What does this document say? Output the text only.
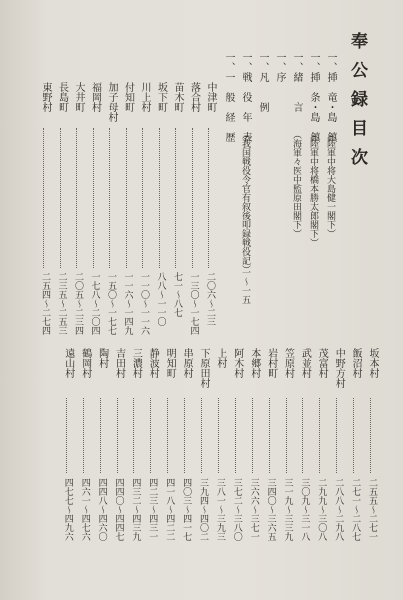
奉公録目次
一、挿　竜・島　鎮
（陸軍中将大島健一閣下）
一、挿　条・島　鎮
（陸軍中将橋本勝太郎閣下）
一、緒　　言
（海軍々医中監原田閣下）
一、序
一、凡　　例
一、戦　役　年　表
（我国戦役令官有叙後叩録戦役記）
一〜一五
一、一　般　経　歴
中津町
二〇六〜二三
落合村
一三〇〜一七四
苗木町
七一〜八七
坂下町
八八〜一一〇
川上村
一一〇〜一一六
付知町
一一六〜一四九
加子母村
一五〇〜一七七
福岡村
一七八〜二〇四
大井町
二〇五〜二三四
長島町
二三五〜二五三
東野村
二五四〜二七四
坂本村
二五五〜二七一
飯沼村
二七一〜二八七
中野方村
二八八〜二九八
茂富村
二九九〜三〇八
武並村
三〇九〜三一八
笠原村
三一九〜三三九
岩村町
三四〇〜三六五
本郷村
三六六〜三七一
阿木村
三七二〜三八〇
上村
三八一〜三九三
下原田村
三九四〜四〇二
串原村
四〇三〜四一七
明知町
四一八〜四二二
静波村
四二三〜四三一
三濃村
四三二〜四三九
吉田村
四四〇〜四四七
陶村
四四八〜四六〇
鶴岡村
四六一〜四七六
遠山村
四七七〜四九六
